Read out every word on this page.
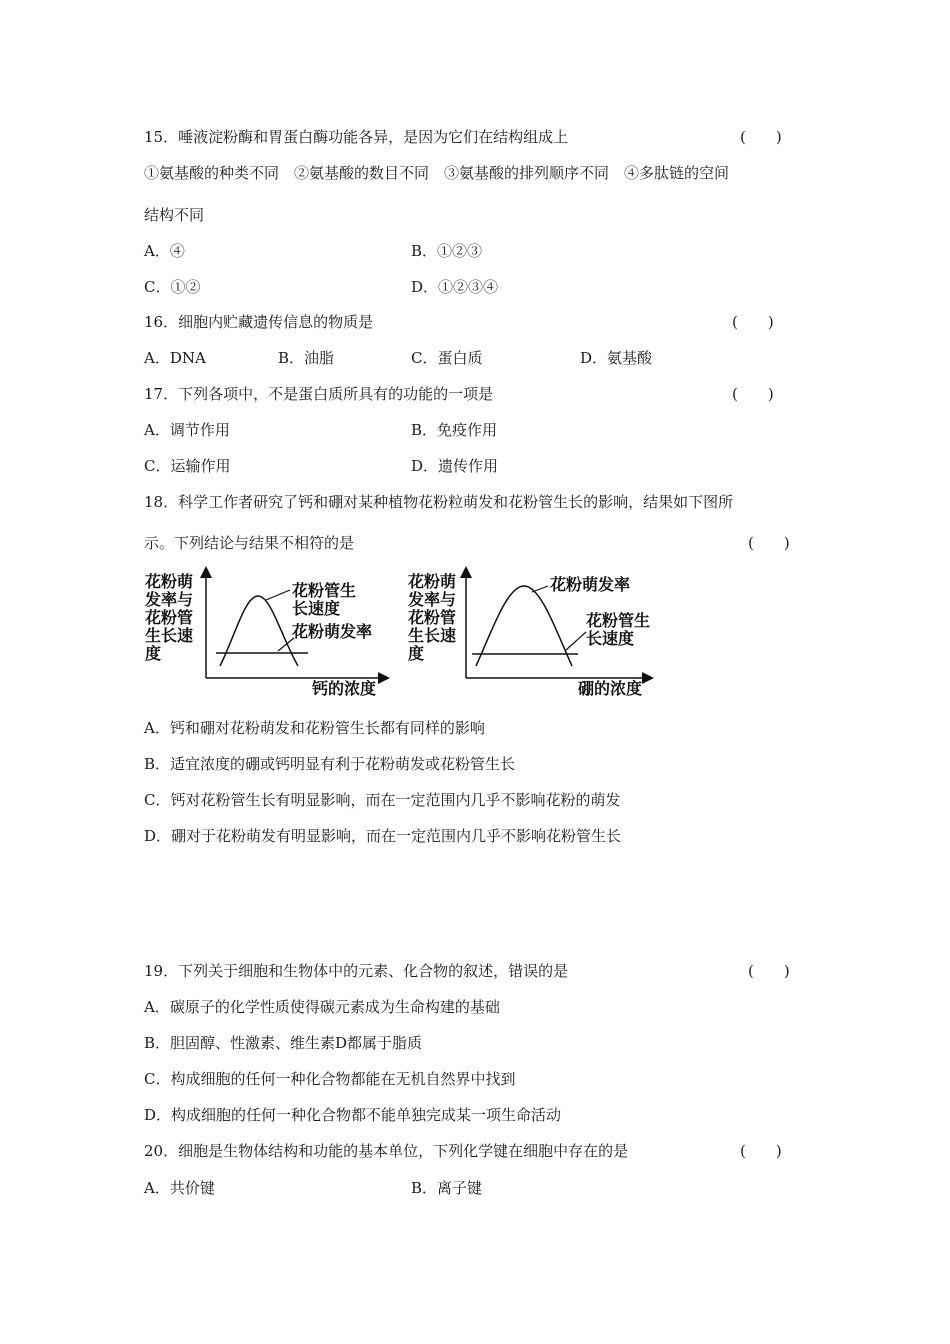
15．唾液淀粉酶和胃蛋白酶功能各异，是因为它们在结构组成上	(　　)
①氨基酸的种类不同　②氨基酸的数目不同　③氨基酸的排列顺序不同　④多肽链的空间
结构不同
A．④	B．①②③
C．①②	D．①②③④
16．细胞内贮藏遗传信息的物质是	(　　)
A．DNA	B．油脂	C．蛋白质	D．氨基酸
17．下列各项中，不是蛋白质所具有的功能的一项是	(　　)
A．调节作用	B．免疫作用
C．运输作用	D．遗传作用
18．科学工作者研究了钙和硼对某种植物花粉粒萌发和花粉管生长的影响，结果如下图所
示。下列结论与结果不相符的是	(　　)
花粉萌
发率与
花粉管
生长速
度
花粉管生
长速度
花粉萌发率
钙的浓度
花粉萌
发率与
花粉管
生长速
度
花粉萌发率
花粉管生
长速度
硼的浓度
A．钙和硼对花粉萌发和花粉管生长都有同样的影响
B．适宜浓度的硼或钙明显有利于花粉萌发或花粉管生长
C．钙对花粉管生长有明显影响，而在一定范围内几乎不影响花粉的萌发
D．硼对于花粉萌发有明显影响，而在一定范围内几乎不影响花粉管生长
19．下列关于细胞和生物体中的元素、化合物的叙述，错误的是	(　　)
A．碳原子的化学性质使得碳元素成为生命构建的基础
B．胆固醇、性激素、维生素D都属于脂质
C．构成细胞的任何一种化合物都能在无机自然界中找到
D．构成细胞的任何一种化合物都不能单独完成某一项生命活动
20．细胞是生物体结构和功能的基本单位，下列化学键在细胞中存在的是	(　　)
A．共价键	B．离子键
